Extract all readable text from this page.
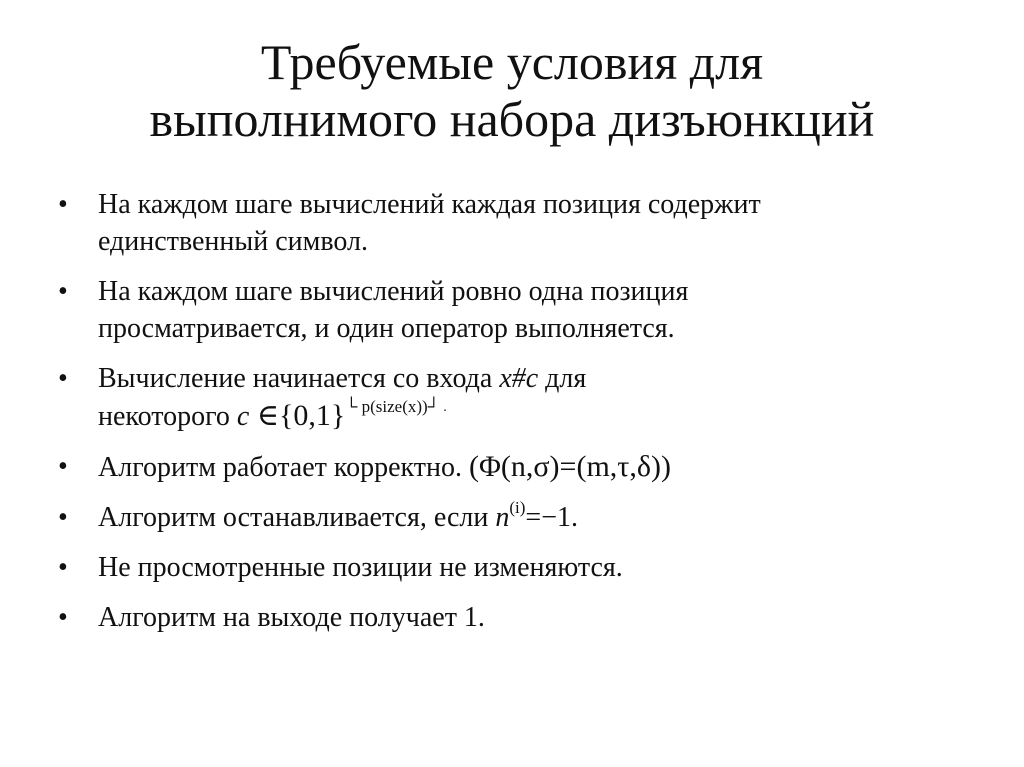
Требуемые условия для
выполнимого набора дизъюнкций
•	На каждом шаге вычислений каждая позиция содержит
единственный символ.
•	На каждом шаге вычислений ровно одна позиция
просматривается, и один оператор выполняется.
•	Вычисление начинается со входа x#c для
некоторого c $\in\{0,1\}^{└ p(size(x))┘}$ .
•	Алгоритм работает корректно. (Φ(n,σ)=(m,τ,δ))
•	Алгоритм останавливается, если $n^{(i)}=-1$.
•	Не просмотренные позиции не изменяются.
•	Алгоритм на выходе получает 1.
